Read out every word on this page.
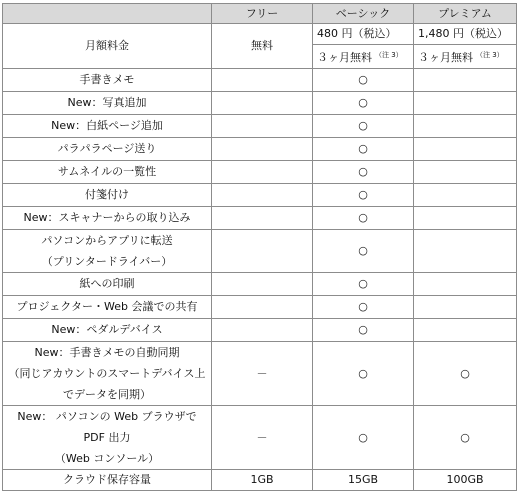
	フリー	ベーシック	プレミアム
月額料金	無料	480 円（税込）	1,480 円（税込）
		３ヶ月無料 $^{(注 3)}$	３ヶ月無料 $^{(注 3)}$
手書きメモ		○	
New：写真追加		○	
New：白紙ページ追加		○	
パラパラページ送り		○	
サムネイルの一覧性		○	
付箋付け		○	
New：スキャナーからの取り込み		○	

パソコンからアプリに転送
（プリンタードライバー）		○	
紙への印刷		○	
プロジェクター・Web 会議での共有		○	
New：ペダルデバイス		○	

New：手書きメモの自動同期
（同じアカウントのスマートデバイス上
でデータを同期）	－	○	○

New： パソコンの Web ブラウザで
PDF 出力
（Web コンソール）	－	○	○
クラウド保存容量	1GB	15GB	100GB
